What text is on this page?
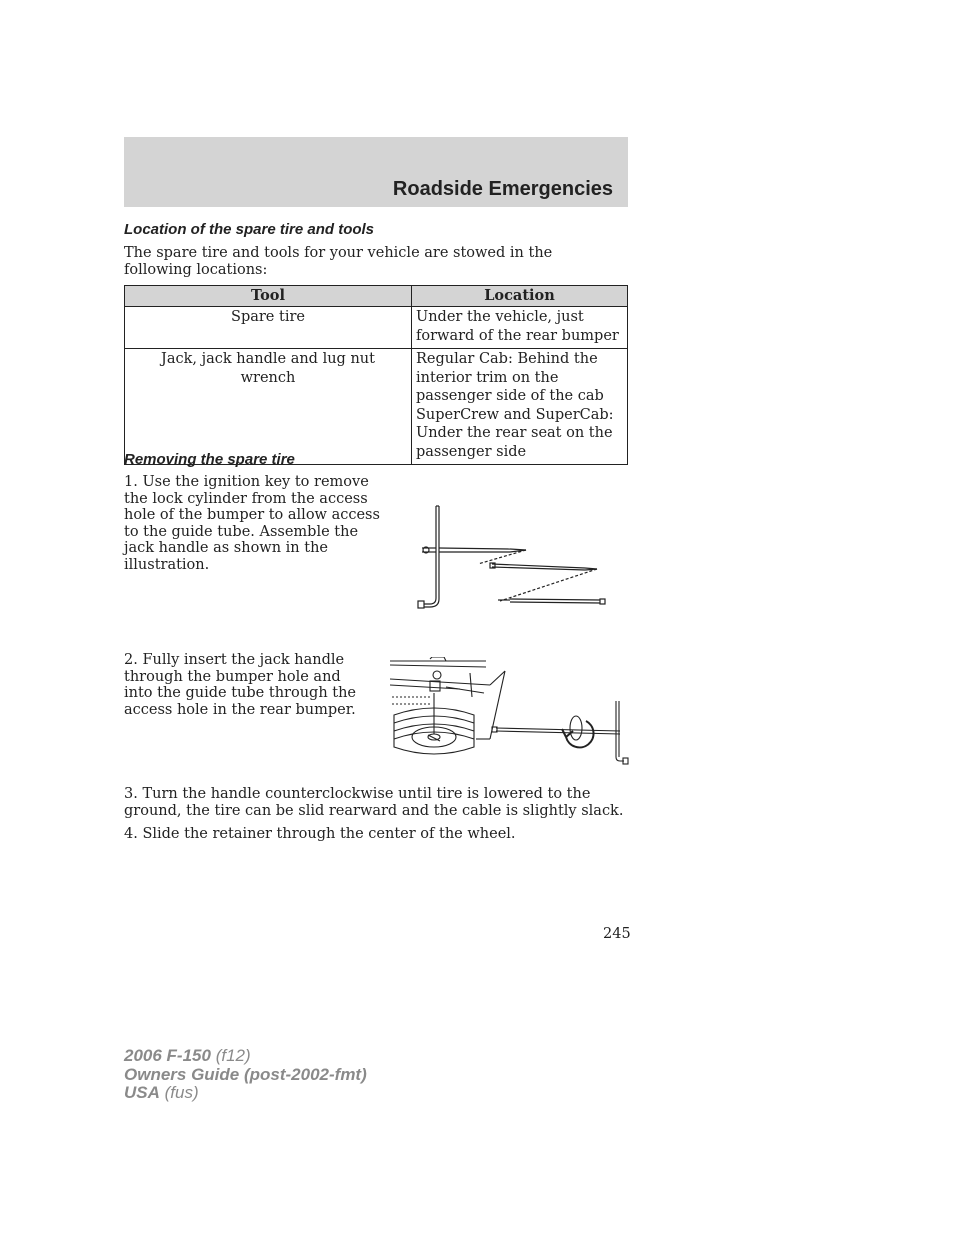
Roadside Emergencies
Location of the spare tire and tools

The spare tire and tools for your vehicle are stowed in the following locations:

Tool	Location
Spare tire	Under the vehicle, just forward of the rear bumper

Jack, jack handle and lug nut wrench	Regular Cab: Behind the interior trim on the passenger side of the cab
SuperCrew and SuperCab: Under the rear seat on the passenger side
Removing the spare tire

1. Use the ignition key to remove the lock cylinder from the access hole of the bumper to allow access to the guide tube. Assemble the jack handle as shown in the illustration.

2. Fully insert the jack handle through the bumper hole and into the guide tube through the access hole in the rear bumper.

3. Turn the handle counterclockwise until tire is lowered to the ground, the tire can be slid rearward and the cable is slightly slack.

4. Slide the retainer through the center of the wheel.

245

2006 F-150 (f12)
Owners Guide (post-2002-fmt)
USA (fus)
